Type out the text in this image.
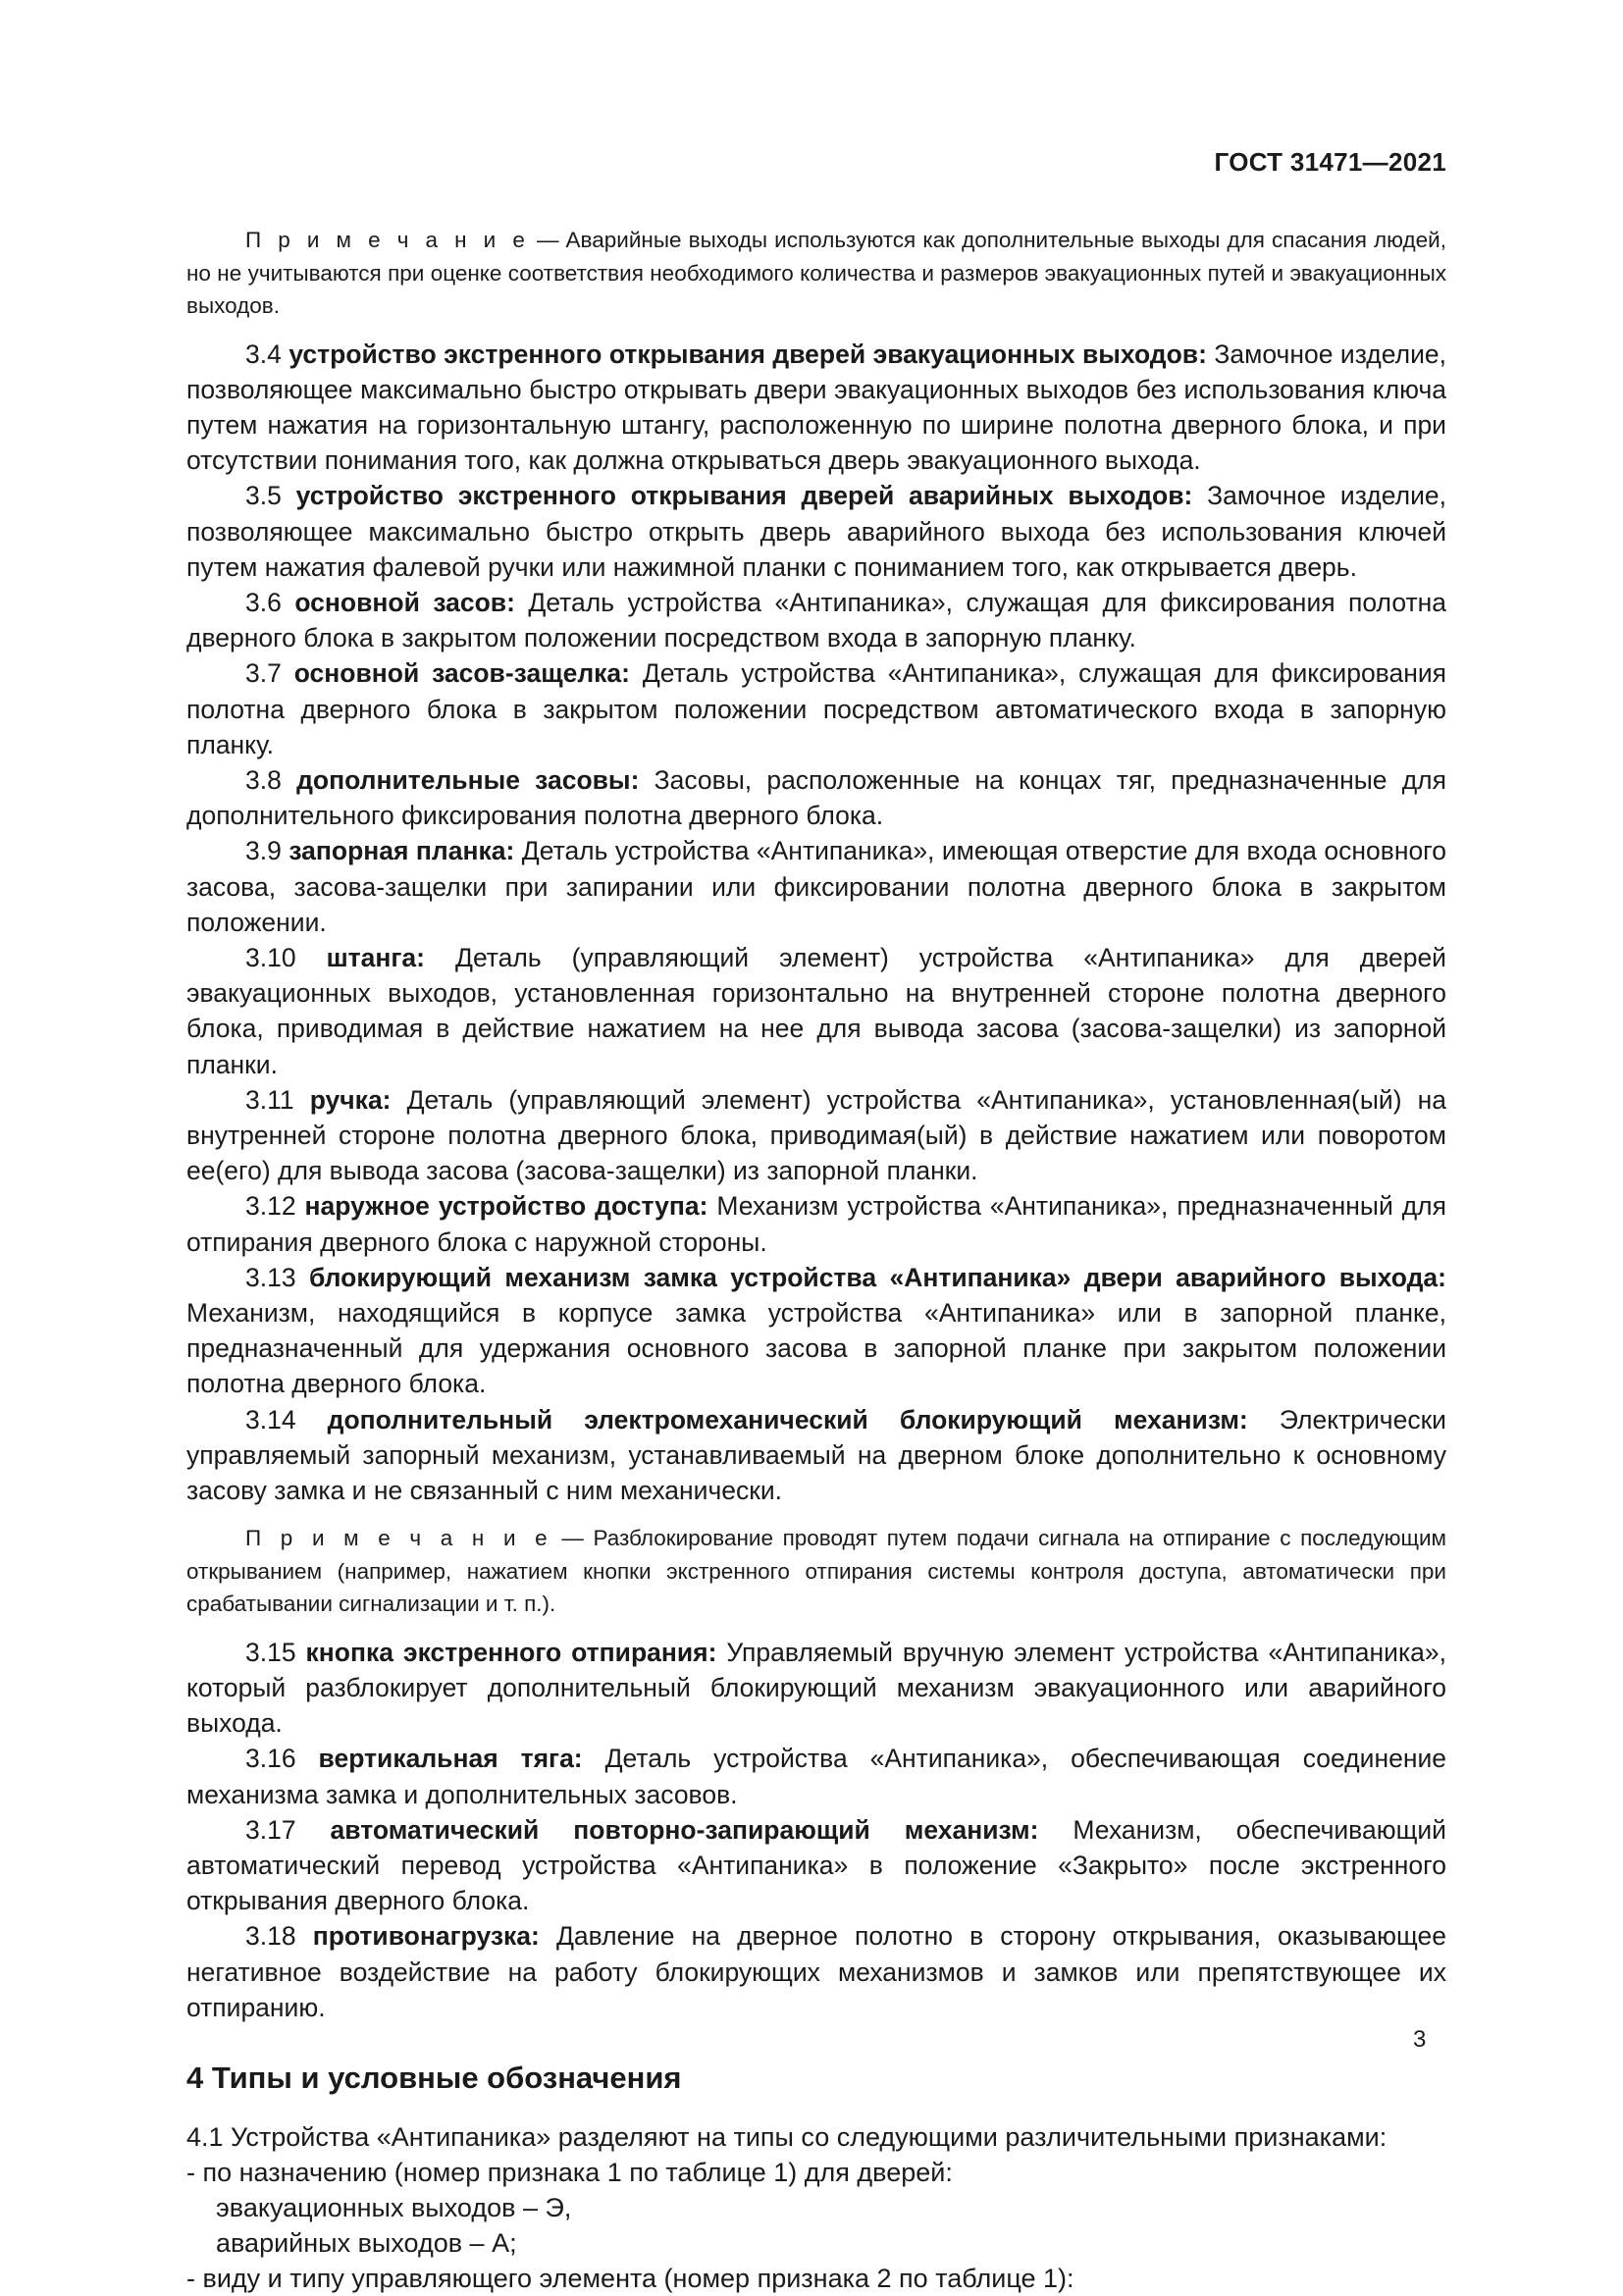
ГОСТ 31471—2021

П р и м е ч а н и е — Аварийные выходы используются как дополнительные выходы для спасания людей, но не учитываются при оценке соответствия необходимого количества и размеров эвакуационных путей и эвакуационных выходов.

3.4 устройство экстренного открывания дверей эвакуационных выходов: Замочное изделие, позволяющее максимально быстро открывать двери эвакуационных выходов без использования ключа путем нажатия на горизонтальную штангу, расположенную по ширине полотна дверного блока, и при отсутствии понимания того, как должна открываться дверь эвакуационного выхода.

3.5 устройство экстренного открывания дверей аварийных выходов: Замочное изделие, позволяющее максимально быстро открыть дверь аварийного выхода без использования ключей путем нажатия фалевой ручки или нажимной планки с пониманием того, как открывается дверь.

3.6 основной засов: Деталь устройства «Антипаника», служащая для фиксирования полотна дверного блока в закрытом положении посредством входа в запорную планку.

3.7 основной засов-защелка: Деталь устройства «Антипаника», служащая для фиксирования полотна дверного блока в закрытом положении посредством автоматического входа в запорную планку.

3.8 дополнительные засовы: Засовы, расположенные на концах тяг, предназначенные для дополнительного фиксирования полотна дверного блока.

3.9 запорная планка: Деталь устройства «Антипаника», имеющая отверстие для входа основного засова, засова-защелки при запирании или фиксировании полотна дверного блока в закрытом положении.

3.10 штанга: Деталь (управляющий элемент) устройства «Антипаника» для дверей эвакуационных выходов, установленная горизонтально на внутренней стороне полотна дверного блока, приводимая в действие нажатием на нее для вывода засова (засова-защелки) из запорной планки.

3.11 ручка: Деталь (управляющий элемент) устройства «Антипаника», установленная(ый) на внутренней стороне полотна дверного блока, приводимая(ый) в действие нажатием или поворотом ее(его) для вывода засова (засова-защелки) из запорной планки.

3.12 наружное устройство доступа: Механизм устройства «Антипаника», предназначенный для отпирания дверного блока с наружной стороны.

3.13 блокирующий механизм замка устройства «Антипаника» двери аварийного выхода: Механизм, находящийся в корпусе замка устройства «Антипаника» или в запорной планке, предназначенный для удержания основного засова в запорной планке при закрытом положении полотна дверного блока.

3.14 дополнительный электромеханический блокирующий механизм: Электрически управляемый запорный механизм, устанавливаемый на дверном блоке дополнительно к основному засову замка и не связанный с ним механически.

П р и м е ч а н и е — Разблокирование проводят путем подачи сигнала на отпирание с последующим открыванием (например, нажатием кнопки экстренного отпирания системы контроля доступа, автоматически при срабатывании сигнализации и т. п.).

3.15 кнопка экстренного отпирания: Управляемый вручную элемент устройства «Антипаника», который разблокирует дополнительный блокирующий механизм эвакуационного или аварийного выхода.

3.16 вертикальная тяга: Деталь устройства «Антипаника», обеспечивающая соединение механизма замка и дополнительных засовов.

3.17 автоматический повторно-запирающий механизм: Механизм, обеспечивающий автоматический перевод устройства «Антипаника» в положение «Закрыто» после экстренного открывания дверного блока.

3.18 противонагрузка: Давление на дверное полотно в сторону открывания, оказывающее негативное воздействие на работу блокирующих механизмов и замков или препятствующее их отпиранию.

4 Типы и условные обозначения

4.1 Устройства «Антипаника» разделяют на типы со следующими различительными признаками:

- по назначению (номер признака 1 по таблице 1) для дверей:

эвакуационных выходов – Э,

аварийных выходов – А;

- виду и типу управляющего элемента (номер признака 2 по таблице 1):

3
